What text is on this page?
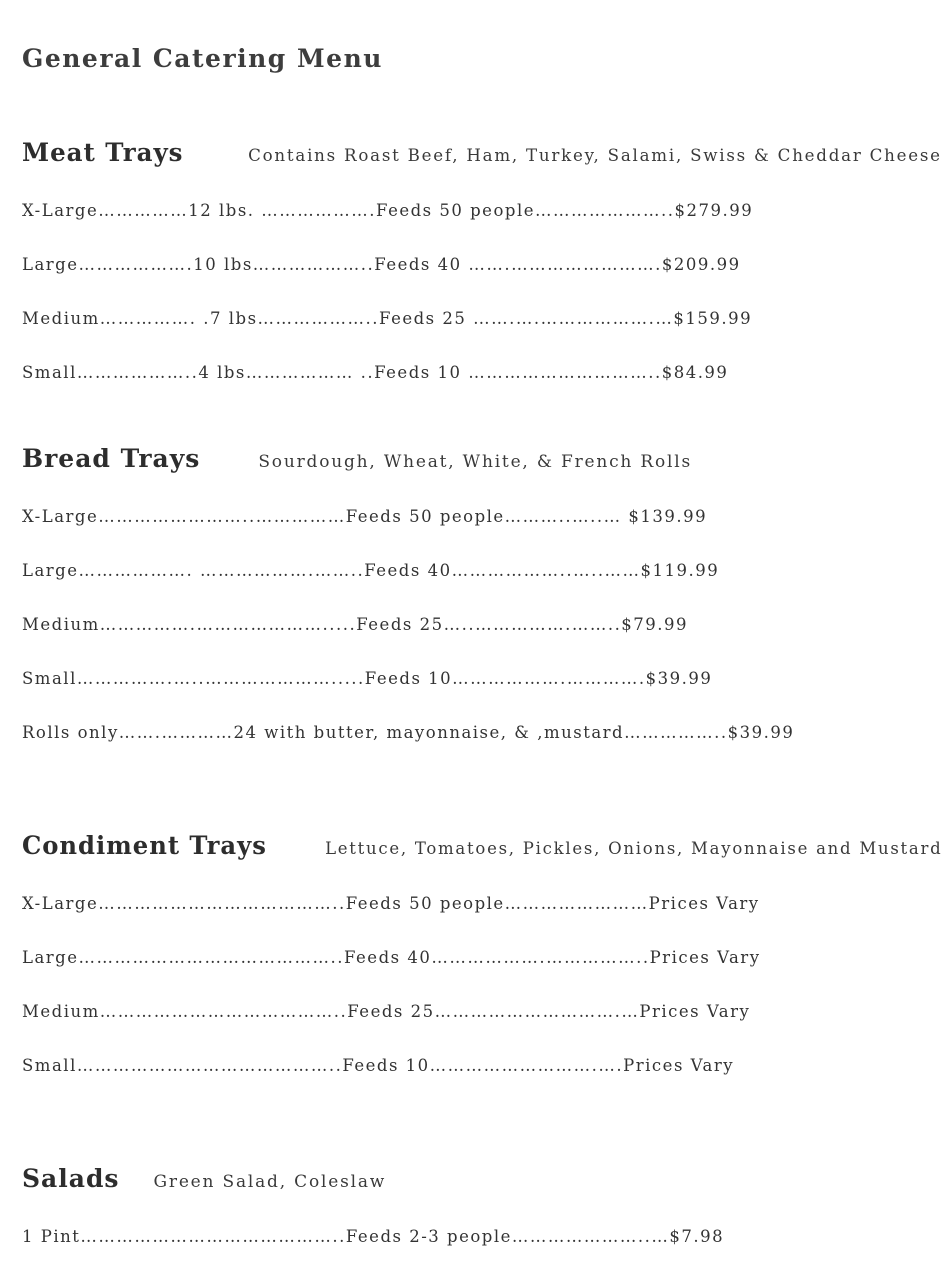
General Catering Menu
Meat Trays	Contains Roast Beef, Ham, Turkey, Salami, Swiss & Cheddar Cheese
X-Large……………12 lbs. ……………….Feeds 50 people…………………..$279.99
Large……………….10 lbs………………..Feeds 40 …….…………………….$209.99
Medium……………. .7 lbs………………..Feeds 25 …….….……………….…$159.99
Small………………..4 lbs……………… ..Feeds 10 …………………………..$84.99
Bread Trays	Sourdough, Wheat, White, & French Rolls
X-Large……………………..……………Feeds 50 people………..…..… $139.99
Large………………. ……………….……..Feeds 40………………..…..……$119.99
Medium…………….………………….....Feeds 25…..…………….……..$79.99
Small…………….…..………………….....Feeds 10……………….………….$39.99
Rolls only…….…………24 with butter, mayonnaise, & ,mustard……………..$39.99
Condiment Trays	Lettuce, Tomatoes, Pickles, Onions, Mayonnaise and Mustard
X-Large…………………………………..Feeds 50 people……………………Prices Vary
Large……………………………………..Feeds 40……………….……………..Prices Vary
Medium…………………………………..Feeds 25………………………….…Prices Vary
Small……………………………………..Feeds 10……………………….….Prices Vary
Salads Green Salad, Coleslaw
1 Pint……………………………………..Feeds 2-3 people…………………..…$7.98
